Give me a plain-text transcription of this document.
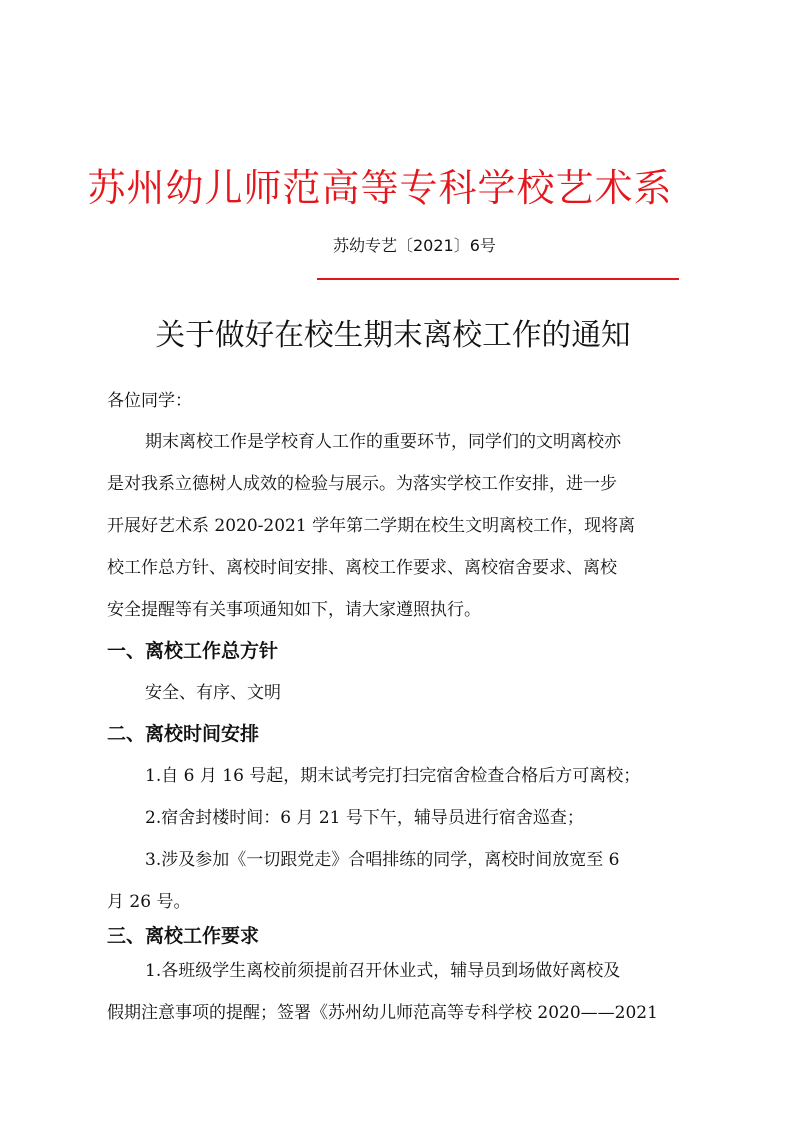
苏州幼儿师范高等专科学校艺术系
苏幼专艺〔2021〕6号
关于做好在校生期末离校工作的通知
各位同学：
期末离校工作是学校育人工作的重要环节，同学们的文明离校亦
是对我系立德树人成效的检验与展示。为落实学校工作安排，进一步
开展好艺术系 2020-2021 学年第二学期在校生文明离校工作，现将离
校工作总方针、离校时间安排、离校工作要求、离校宿舍要求、离校
安全提醒等有关事项通知如下，请大家遵照执行。
一、离校工作总方针
安全、有序、文明
二、离校时间安排
1.自 6 月 16 号起，期末试考完打扫完宿舍检查合格后方可离校；
2.宿舍封楼时间：6 月 21 号下午，辅导员进行宿舍巡查；
3.涉及参加《一切跟党走》合唱排练的同学，离校时间放宽至 6
月 26 号。
三、离校工作要求
1.各班级学生离校前须提前召开休业式，辅导员到场做好离校及
假期注意事项的提醒；签署《苏州幼儿师范高等专科学校 2020——2021
